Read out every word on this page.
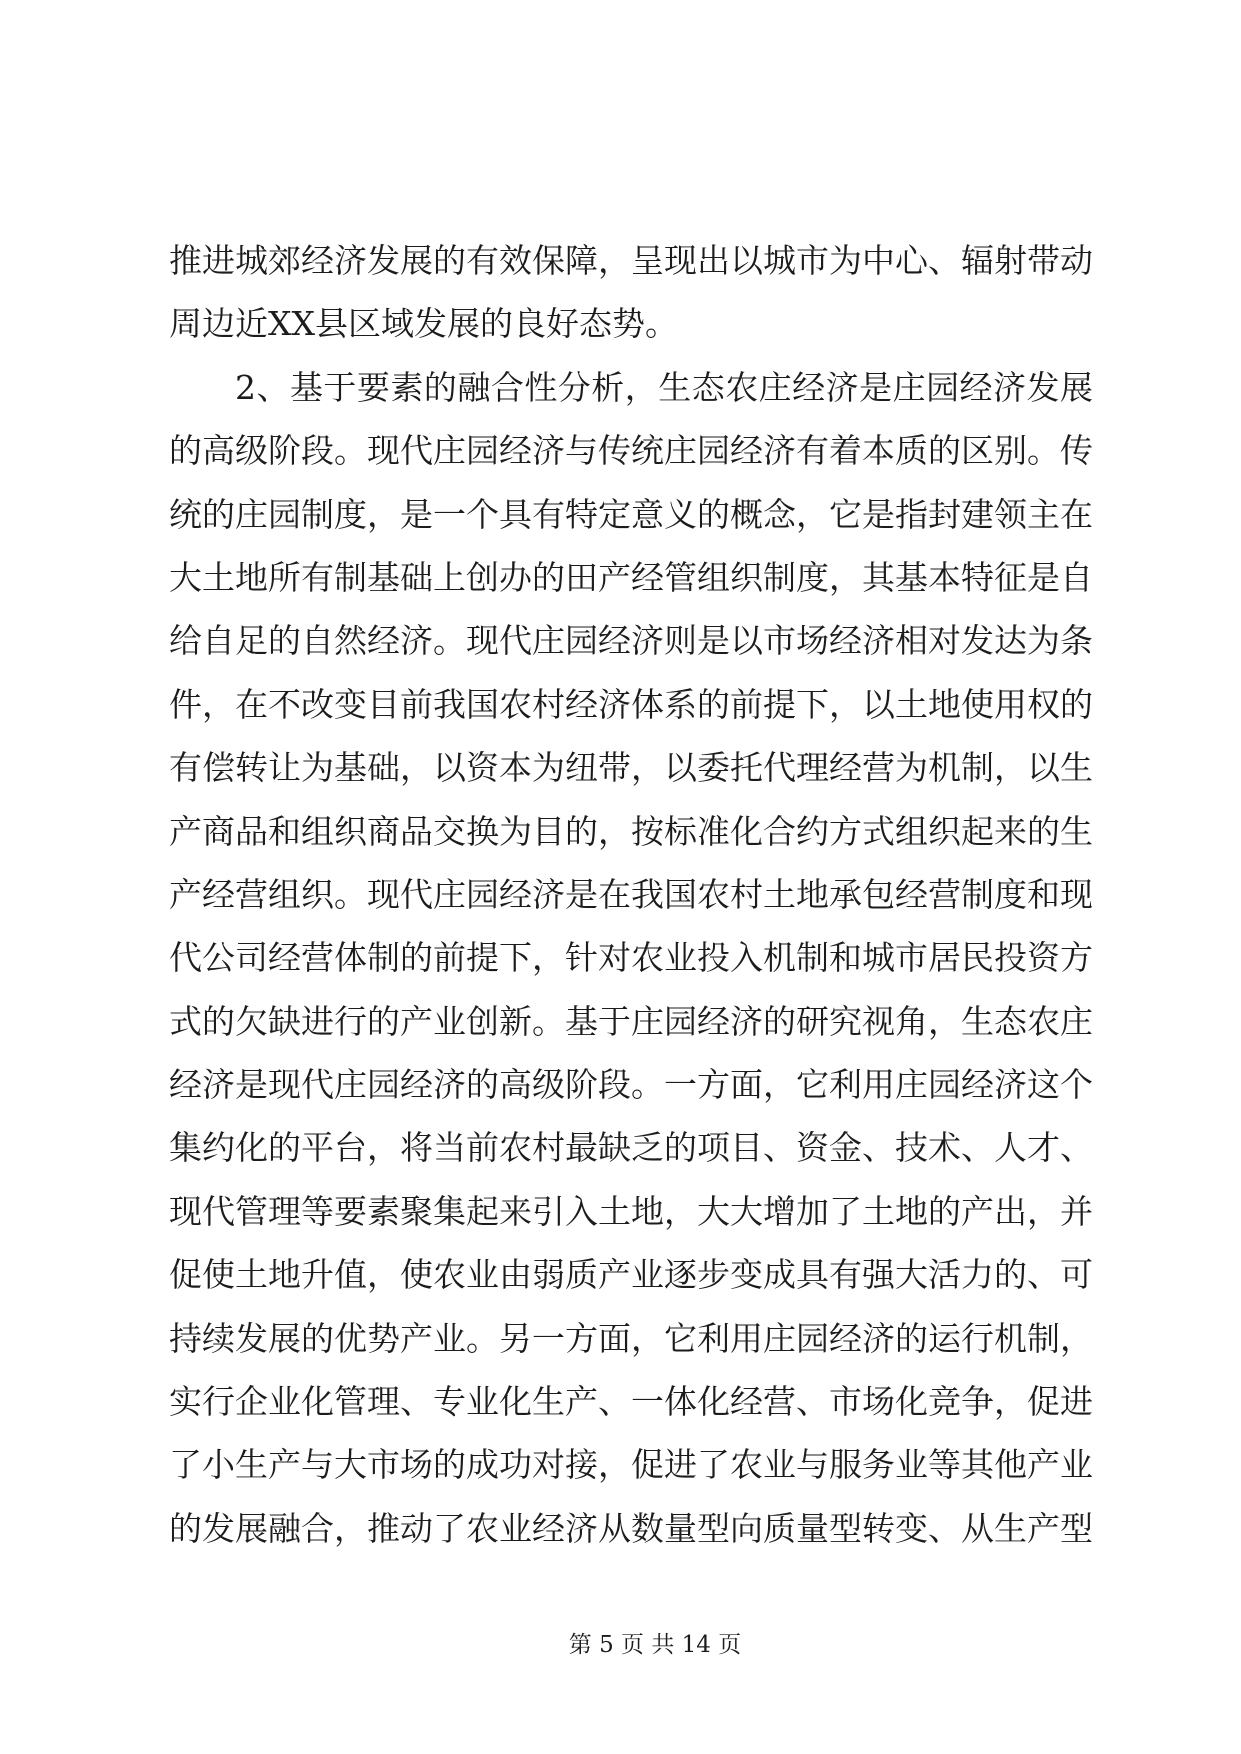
推进城郊经济发展的有效保障，呈现出以城市为中心、辐射带动
周边近XX县区域发展的良好态势。
2、基于要素的融合性分析，生态农庄经济是庄园经济发展
的高级阶段。现代庄园经济与传统庄园经济有着本质的区别。传
统的庄园制度，是一个具有特定意义的概念，它是指封建领主在
大土地所有制基础上创办的田产经管组织制度，其基本特征是自
给自足的自然经济。现代庄园经济则是以市场经济相对发达为条
件，在不改变目前我国农村经济体系的前提下，以土地使用权的
有偿转让为基础，以资本为纽带，以委托代理经营为机制，以生
产商品和组织商品交换为目的，按标准化合约方式组织起来的生
产经营组织。现代庄园经济是在我国农村土地承包经营制度和现
代公司经营体制的前提下，针对农业投入机制和城市居民投资方
式的欠缺进行的产业创新。基于庄园经济的研究视角，生态农庄
经济是现代庄园经济的高级阶段。一方面，它利用庄园经济这个
集约化的平台，将当前农村最缺乏的项目、资金、技术、人才、
现代管理等要素聚集起来引入土地，大大增加了土地的产出，并
促使土地升值，使农业由弱质产业逐步变成具有强大活力的、可
持续发展的优势产业。另一方面，它利用庄园经济的运行机制，
实行企业化管理、专业化生产、一体化经营、市场化竞争，促进
了小生产与大市场的成功对接，促进了农业与服务业等其他产业
的发展融合，推动了农业经济从数量型向质量型转变、从生产型
第 5 页 共 14 页
